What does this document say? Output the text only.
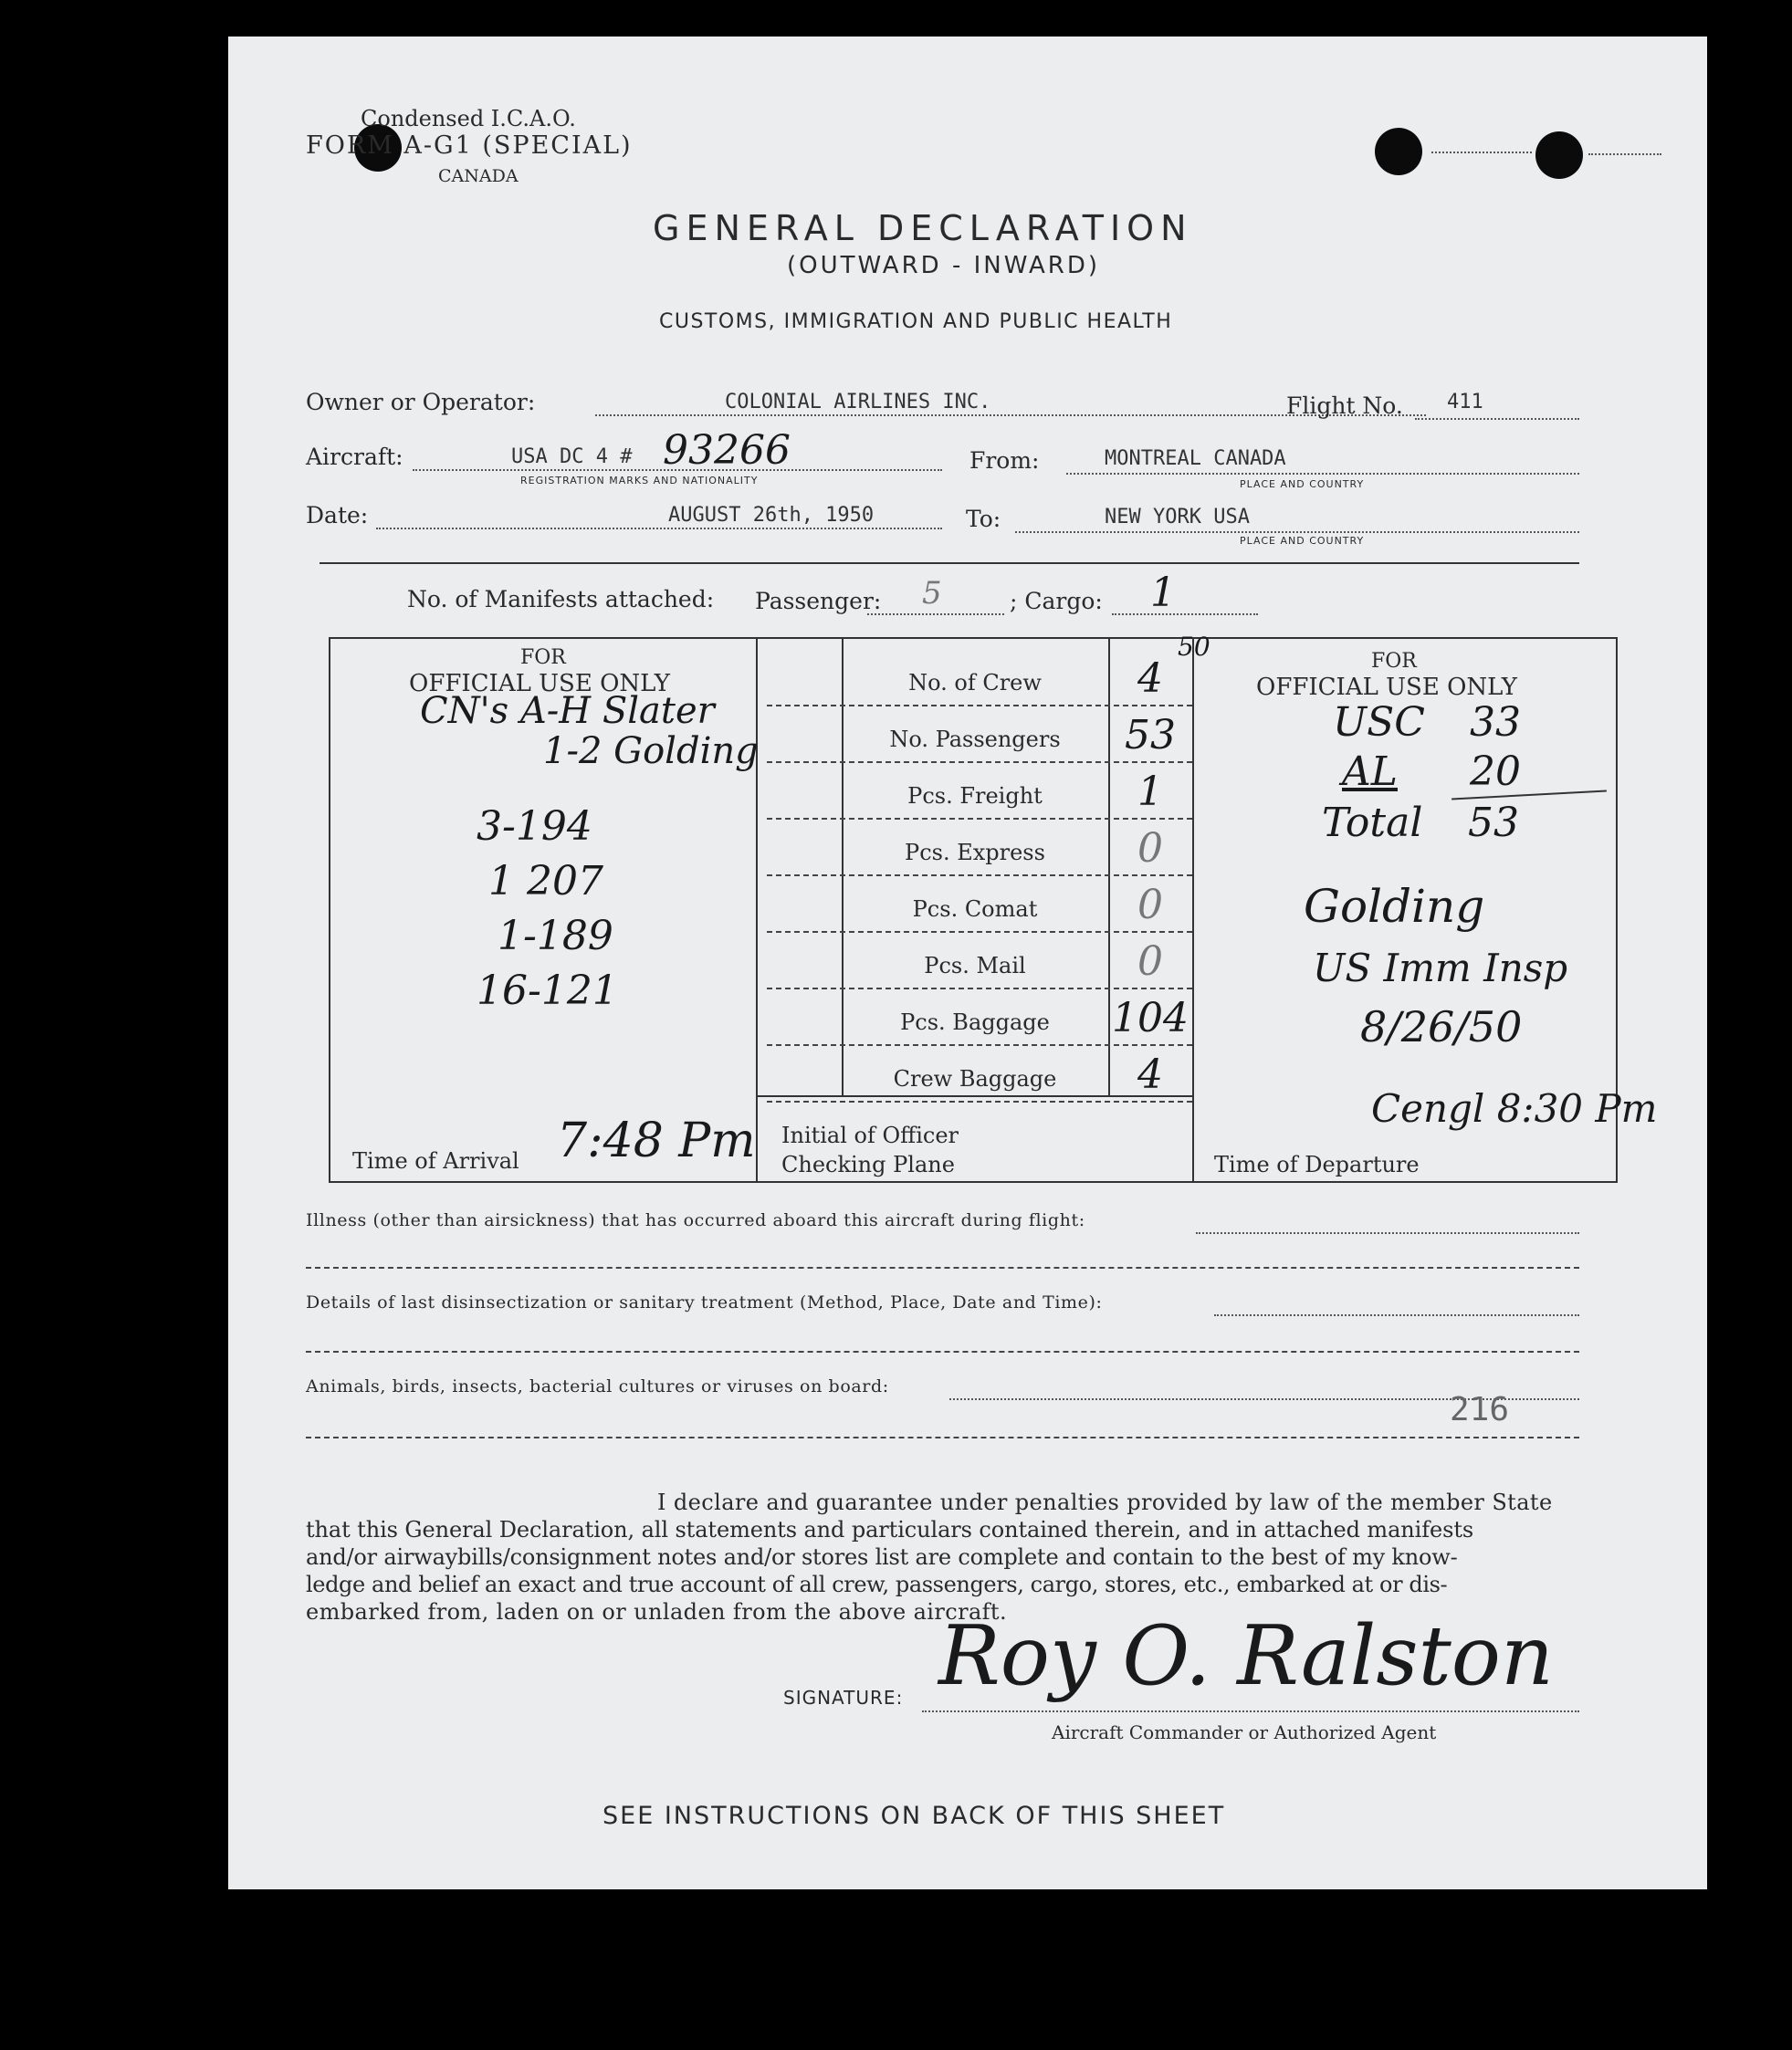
Condensed I.C.A.O.
FORM A-G1 (SPECIAL)
CANADA
GENERAL DECLARATION
(OUTWARD - INWARD)
CUSTOMS, IMMIGRATION AND PUBLIC HEALTH
Owner or Operator:	COLONIAL AIRLINES INC.	Flight No. 411
Aircraft:	USA DC 4 # 93266
REGISTRATION MARKS AND NATIONALITY
From:	MONTREAL CANADA
PLACE AND COUNTRY
Date:	AUGUST 26th, 1950	To:	NEW YORK USA
PLACE AND COUNTRY
No. of Manifests attached: Passenger: 5	; Cargo: 1
FOR
OFFICIAL USE ONLY
CN's A-H Slater
1-2 Golding
3-194
1 207
1-189
16-121
Time of Arrival 7:48 Pm
50
Initial of Officer
Checking Plane
FOR
OFFICIAL USE ONLY
USC 33
AL 20
Total 53
Golding
US Imm Insp
8/26/50
Time of Departure
Cengl 8:30 Pm
Illness (other than airsickness) that has occurred aboard this aircraft during flight:
Details of last disinsectization or sanitary treatment (Method, Place, Date and Time):
Animals, birds, insects, bacterial cultures or viruses on board:
216
I declare and guarantee under penalties provided by law of the member State
that this General Declaration, all statements and particulars contained therein, and in attached manifests
and/or airwaybills/consignment notes and/or stores list are complete and contain to the best of my know-
ledge and belief an exact and true account of all crew, passengers, cargo, stores, etc., embarked at or dis-
embarked from, laden on or unladen from the above aircraft.
SIGNATURE: Roy O. Ralston
Aircraft Commander or Authorized Agent
SEE INSTRUCTIONS ON BACK OF THIS SHEET
No. of Crew	4
No. Passengers	53
Pcs. Freight	1
Pcs. Express	0
Pcs. Comat	0
Pcs. Mail	0
Pcs. Baggage	104
Crew Baggage	4
